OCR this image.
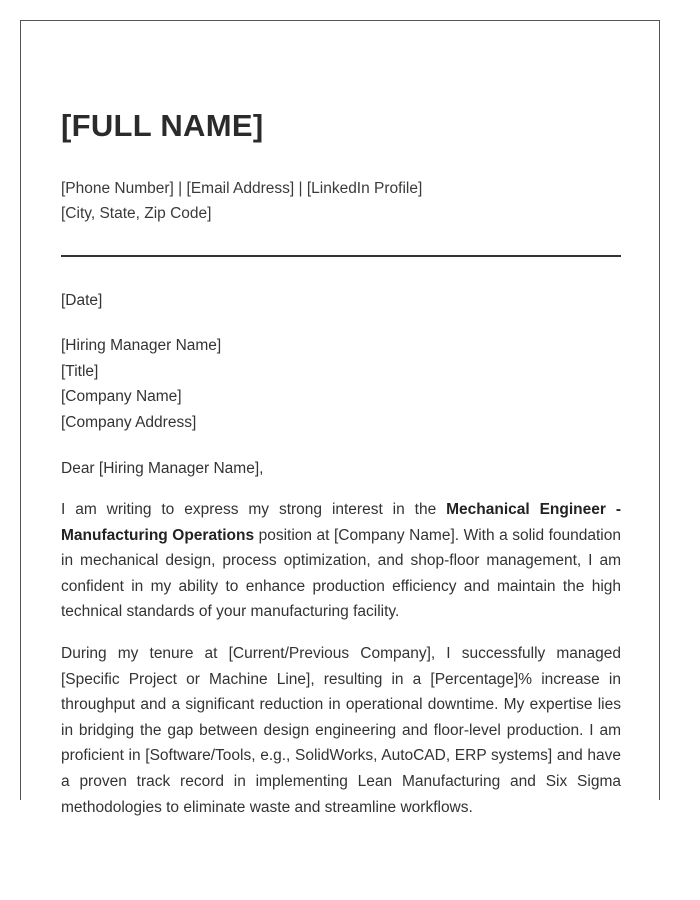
[FULL NAME]
[Phone Number] | [Email Address] | [LinkedIn Profile]
[City, State, Zip Code]
[Date]
[Hiring Manager Name]
[Title]
[Company Name]
[Company Address]
Dear [Hiring Manager Name],

I am writing to express my strong interest in the Mechanical Engineer - Manufacturing Operations position at [Company Name]. With a solid foundation in mechanical design, process optimization, and shop-floor management, I am confident in my ability to enhance production efficiency and maintain the high technical standards of your manufacturing facility.

During my tenure at [Current/Previous Company], I successfully managed [Specific Project or Machine Line], resulting in a [Percentage]% increase in throughput and a significant reduction in operational downtime. My expertise lies in bridging the gap between design engineering and floor-level production. I am proficient in [Software/Tools, e.g., SolidWorks, AutoCAD, ERP systems] and have a proven track record in implementing Lean Manufacturing and Six Sigma methodologies to eliminate waste and streamline workflows.
